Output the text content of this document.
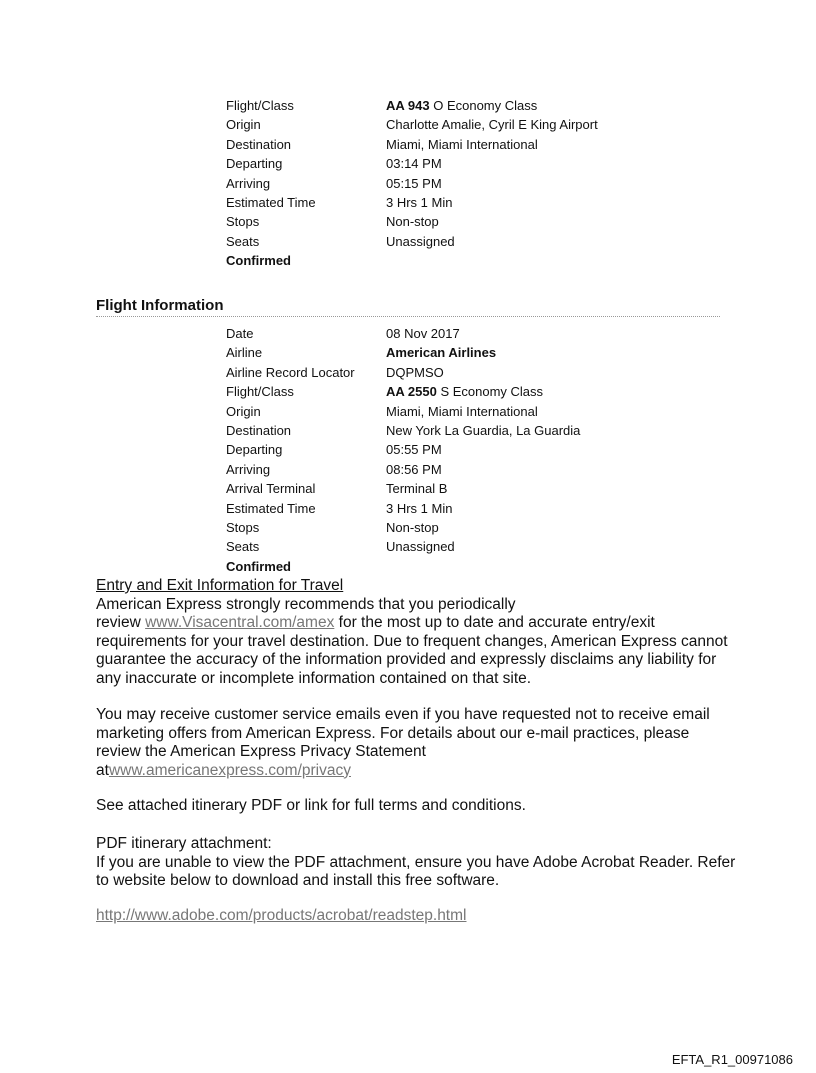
Flight/Class	AA 943 O Economy Class
Origin	Charlotte Amalie, Cyril E King Airport
Destination	Miami, Miami International
Departing	03:14 PM
Arriving	05:15 PM
Estimated Time	3 Hrs 1 Min
Stops	Non-stop
Seats	Unassigned
Confirmed
Flight Information
Date	08 Nov 2017
Airline	American Airlines
Airline Record Locator DQPMSO
Flight/Class	AA 2550 S Economy Class
Origin	Miami, Miami International
Destination	New York La Guardia, La Guardia
Departing	05:55 PM
Arriving	08:56 PM
Arrival Terminal	Terminal B
Estimated Time	3 Hrs 1 Min
Stops	Non-stop
Seats	Unassigned
Confirmed

Entry and Exit Information for Travel

American Express strongly recommends that you periodically

review www.Visacentral.com/amex for the most up to date and accurate entry/exit requirements for your travel destination. Due to frequent changes, American Express cannot guarantee the accuracy of the information provided and expressly disclaims any liability for any inaccurate or incomplete information contained on that site.

You may receive customer service emails even if you have requested not to receive email marketing offers from American Express. For details about our e-mail practices, please review the American Express Privacy Statement
atwww.americanexpress.com/privacy

See attached itinerary PDF or link for full terms and conditions.

PDF itinerary attachment:

If you are unable to view the PDF attachment, ensure you have Adobe Acrobat Reader. Refer to website below to download and install this free software.

http://www.adobe.com/products/acrobat/readstep.html
EFTA_R1_00971086
